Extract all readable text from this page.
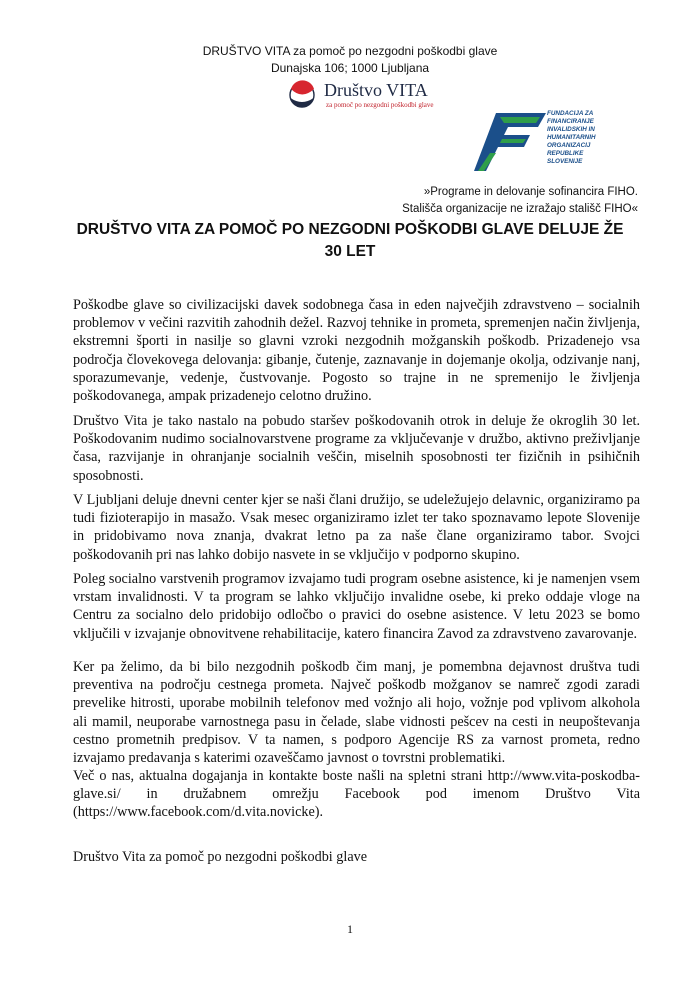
DRUŠTVO VITA za pomoč po nezgodni poškodbi glave
Dunajska 106; 1000 Ljubljana
Društvo VITA
za pomoč po nezgodni poškodbi glave
FUNDACIJA ZA
FINANCIRANJE
INVALIDSKIH IN
HUMANITARNIH
ORGANIZACIJ
REPUBLIKE
SLOVENIJE
»Programe in delovanje sofinancira FIHO.
Stališča organizacije ne izražajo stališč FIHO«
DRUŠTVO VITA ZA POMOČ PO NEZGODNI POŠKODBI GLAVE DELUJE ŽE
30 LET

Poškodbe glave so civilizacijski davek sodobnega časa in eden največjih zdravstveno – socialnih problemov v večini razvitih zahodnih dežel. Razvoj tehnike in prometa, spremenjen način življenja, ekstremni športi in nasilje so glavni vzroki nezgodnih možganskih poškodb. Prizadenejo vsa področja človekovega delovanja: gibanje, čutenje, zaznavanje in dojemanje okolja, odzivanje nanj, sporazumevanje, vedenje, čustvovanje. Pogosto so trajne in ne spremenijo le življenja poškodovanega, ampak prizadenejo celotno družino.

Društvo Vita je tako nastalo na pobudo staršev poškodovanih otrok in deluje že okroglih 30 let. Poškodovanim nudimo socialnovarstvene programe za vključevanje v družbo, aktivno preživljanje časa, razvijanje in ohranjanje socialnih veščin, miselnih sposobnosti ter fizičnih in psihičnih sposobnosti.

V Ljubljani deluje dnevni center kjer se naši člani družijo, se udeležujejo delavnic, organiziramo pa tudi fizioterapijo in masažo. Vsak mesec organiziramo izlet ter tako spoznavamo lepote Slovenije in pridobivamo nova znanja, dvakrat letno pa za naše člane organiziramo tabor. Svojci poškodovanih pri nas lahko dobijo nasvete in se vključijo v podporno skupino.

Poleg socialno varstvenih programov izvajamo tudi program osebne asistence, ki je namenjen vsem vrstam invalidnosti. V ta program se lahko vključijo invalidne osebe, ki preko oddaje vloge na Centru za socialno delo pridobijo odločbo o pravici do osebne asistence. V letu 2023 se bomo vključili v izvajanje obnovitvene rehabilitacije, katero financira Zavod za zdravstveno zavarovanje.

Ker pa želimo, da bi bilo nezgodnih poškodb čim manj, je pomembna dejavnost društva tudi preventiva na področju cestnega prometa. Največ poškodb možganov se namreč zgodi zaradi prevelike hitrosti, uporabe mobilnih telefonov med vožnjo ali hojo, vožnje pod vplivom alkohola ali mamil, neuporabe varnostnega pasu in čelade, slabe vidnosti pešcev na cesti in neupoštevanja cestno prometnih predpisov. V ta namen, s podporo Agencije RS za varnost prometa, redno izvajamo predavanja s katerimi ozaveščamo javnost o tovrstni problematiki.

Več o nas, aktualna dogajanja in kontakte boste našli na spletni strani http://www.vita-poskodba-glave.si/ in družabnem omrežju Facebook pod imenom Društvo Vita (https://www.facebook.com/d.vita.novicke).

Društvo Vita za pomoč po nezgodni poškodbi glave

1
